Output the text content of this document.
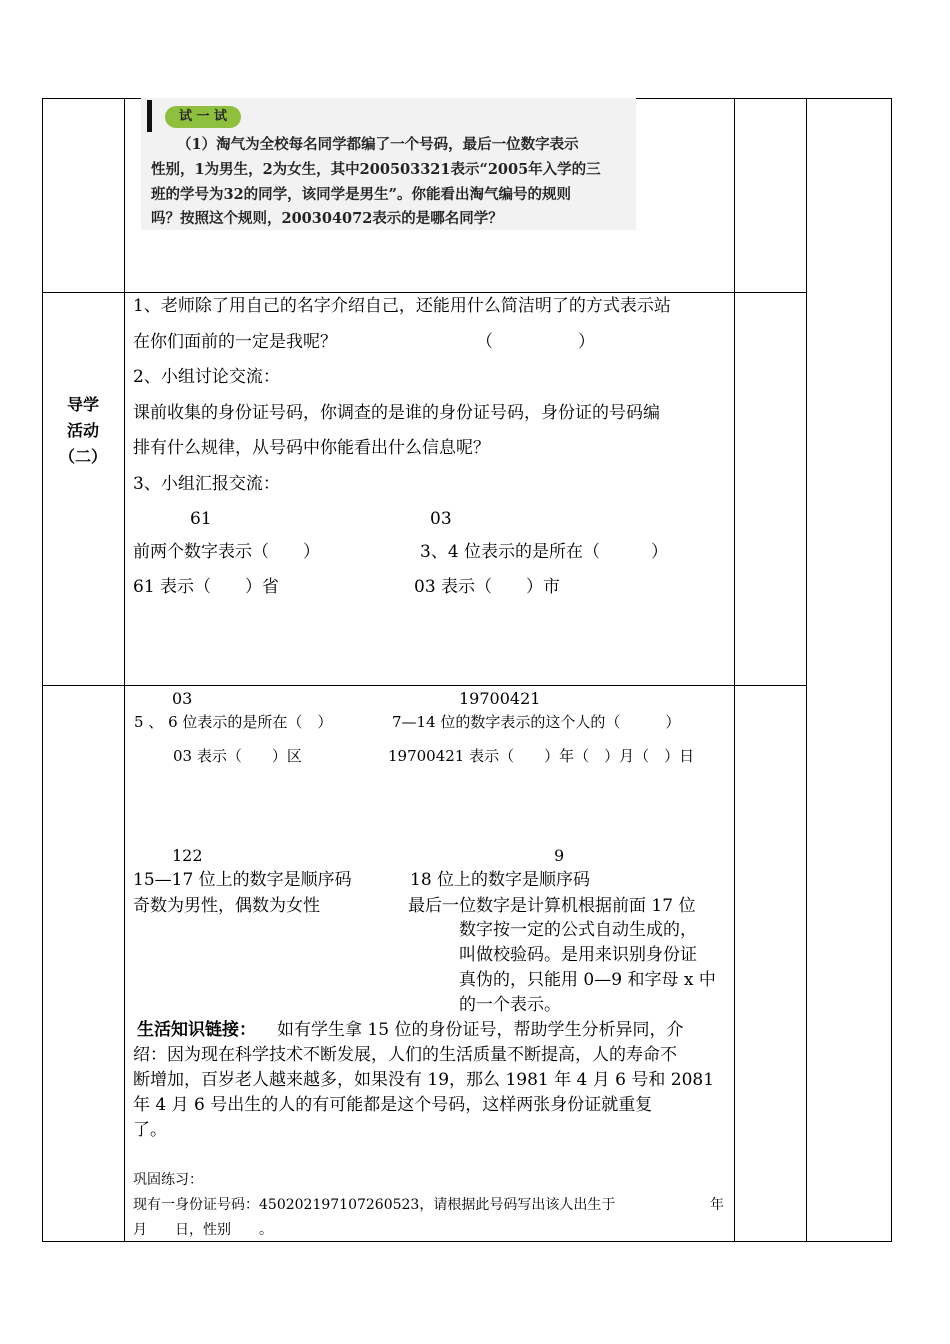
试 一 试
（1）淘气为全校每名同学都编了一个号码，最后一位数字表示
性别，1为男生，2为女生，其中200503321表示“2005年入学的三
班的学号为32的同学，该同学是男生”。你能看出淘气编号的规则
吗？按照这个规则，200304072表示的是哪名同学？
导学
活动
（二）
1、老师除了用自己的名字介绍自己，还能用什么简洁明了的方式表示站
在你们面前的一定是我呢？	（　　　　　）
2、小组讨论交流：
课前收集的身份证号码，你调查的是谁的身份证号码，身份证的号码编
排有什么规律，从号码中你能看出什么信息呢？
3、小组汇报交流：
61	03
前两个数字表示（　　）	3、4 位表示的是所在（　　　）
61 表示（　　）省	03 表示（　　）市
03	19700421
5 、 6 位表示的是所在（　）	7—14 位的数字表示的这个人的（　　　）
03 表示（　　）区	19700421 表示（　　）年（　）月（　）日
122	9
15—17 位上的数字是顺序码	18 位上的数字是顺序码
奇数为男性，偶数为女性	最后一位数字是计算机根据前面 17 位
数字按一定的公式自动生成的，
叫做校验码。是用来识别身份证
真伪的，只能用 0—9 和字母 x 中
的一个表示。
生活知识链接： 如有学生拿 15 位的身份证号，帮助学生分析异同，介
绍：因为现在科学技术不断发展，人们的生活质量不断提高，人的寿命不
断增加，百岁老人越来越多，如果没有 19，那么 1981 年 4 月 6 号和 2081
年 4 月 6 号出生的人的有可能都是这个号码，这样两张身份证就重复
了。
巩固练习：
现有一身份证号码：450202197107260523，请根据此号码写出该人出生于	年
月　　日，性别　　。
